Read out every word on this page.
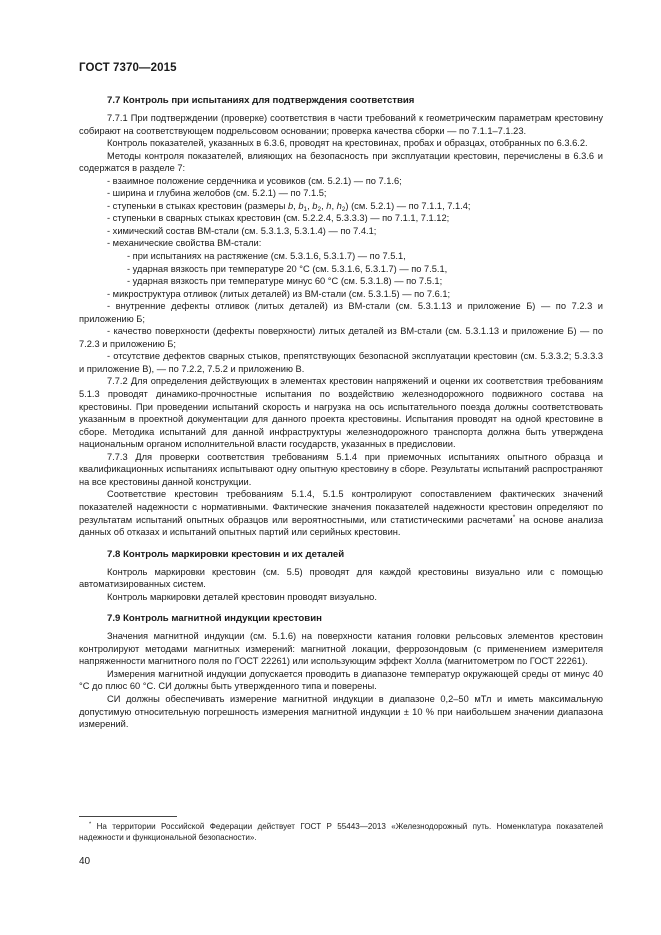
ГОСТ 7370—2015
7.7 Контроль при испытаниях для подтверждения соответствия

7.7.1 При подтверждении (проверке) соответствия в части требований к геометрическим параметрам крестовину собирают на соответствующем подрельсовом основании; проверка качества сборки — по 7.1.1–7.1.23.

Контроль показателей, указанных в 6.3.6, проводят на крестовинах, пробах и образцах, отобранных по 6.3.6.2.

Методы контроля показателей, влияющих на безопасность при эксплуатации крестовин, перечислены в 6.3.6 и содержатся в разделе 7:

- взаимное положение сердечника и усовиков (см. 5.2.1) — по 7.1.6;

- ширина и глубина желобов (см. 5.2.1) — по 7.1.5;

- ступеньки в стыках крестовин (размеры b, $b_1$, $b_2$, h, $h_2$) (см. 5.2.1) — по 7.1.1, 7.1.4;

- ступеньки в сварных стыках крестовин (см. 5.2.2.4, 5.3.3.3) — по 7.1.1, 7.1.12;

- химический состав ВМ-стали (см. 5.3.1.3, 5.3.1.4) — по 7.4.1;

- механические свойства ВМ-стали:

- при испытаниях на растяжение (см. 5.3.1.6, 5.3.1.7) — по 7.5.1,

- ударная вязкость при температуре 20 °С (см. 5.3.1.6, 5.3.1.7) — по 7.5.1,

- ударная вязкость при температуре минус 60 °С (см. 5.3.1.8) — по 7.5.1;

- микроструктура отливок (литых деталей) из ВМ-стали (см. 5.3.1.5) — по 7.6.1;

- внутренние дефекты отливок (литых деталей) из ВМ-стали (см. 5.3.1.13 и приложение Б) — по 7.2.3 и приложению Б;

- качество поверхности (дефекты поверхности) литых деталей из ВМ-стали (см. 5.3.1.13 и приложение Б) — по 7.2.3 и приложению Б;

- отсутствие дефектов сварных стыков, препятствующих безопасной эксплуатации крестовин (см. 5.3.3.2; 5.3.3.3 и приложение В), — по 7.2.2, 7.5.2 и приложению В.

7.7.2 Для определения действующих в элементах крестовин напряжений и оценки их соответствия требованиям 5.1.3 проводят динамико-прочностные испытания по воздействию железнодорожного подвижного состава на крестовины. При проведении испытаний скорость и нагрузка на ось испытательного поезда должны соответствовать указанным в проектной документации для данного проекта крестовины. Испытания проводят на одной крестовине в сборе. Методика испытаний для данной инфраструктуры железнодорожного транспорта должна быть утверждена национальным органом исполнительной власти государств, указанных в предисловии.

7.7.3 Для проверки соответствия требованиям 5.1.4 при приемочных испытаниях опытного образца и квалификационных испытаниях испытывают одну опытную крестовину в сборе. Результаты испытаний распространяют на все крестовины данной конструкции.

Соответствие крестовин требованиям 5.1.4, 5.1.5 контролируют сопоставлением фактических значений показателей надежности с нормативными. Фактические значения показателей надежности крестовин определяют по результатам испытаний опытных образцов или вероятностными, или статистическими расчетами* на основе анализа данных об отказах и испытаний опытных партий или серийных крестовин.

7.8 Контроль маркировки крестовин и их деталей

Контроль маркировки крестовин (см. 5.5) проводят для каждой крестовины визуально или с помощью автоматизированных систем.

Контроль маркировки деталей крестовин проводят визуально.

7.9 Контроль магнитной индукции крестовин

Значения магнитной индукции (см. 5.1.6) на поверхности катания головки рельсовых элементов крестовин контролируют методами магнитных измерений: магнитной локации, феррозондовым (с применением измерителя напряженности магнитного поля по ГОСТ 22261) или использующим эффект Холла (магнитометром по ГОСТ 22261).

Измерения магнитной индукции допускается проводить в диапазоне температур окружающей среды от минус 40 °С до плюс 60 °С. СИ должны быть утвержденного типа и поверены.

СИ должны обеспечивать измерение магнитной индукции в диапазоне 0,2–50 мТл и иметь максимальную допустимую относительную погрешность измерения магнитной индукции ± 10 % при наибольшем значении диапазона измерений.

* На территории Российской Федерации действует ГОСТ Р 55443—2013 «Железнодорожный путь. Номенклатура показателей надежности и функциональной безопасности».

40
